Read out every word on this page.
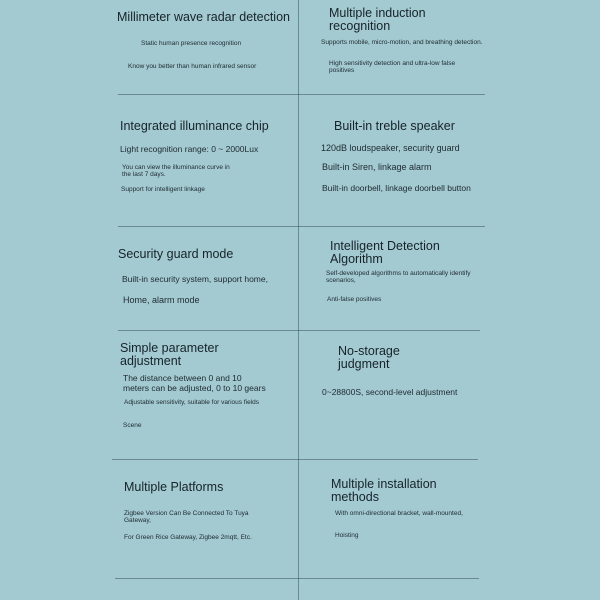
Millimeter wave radar detection
Static human presence recognition
Know you better than human infrared sensor
Multiple induction recognition
Supports mobile, micro-motion, and breathing detection.
High sensitivity detection and ultra-low false positives
Integrated illuminance chip
Light recognition range: 0 ~ 2000Lux
You can view the illuminance curve in the last 7 days.
Support for intelligent linkage
Built-in treble speaker
120dB loudspeaker, security guard
Built-in Siren, linkage alarm
Built-in doorbell, linkage doorbell button
Security guard mode
Built-in security system, support home,
Home, alarm mode
Intelligent Detection Algorithm
Self-developed algorithms to automatically identify scenarios,
Anti-false positives
Simple parameter adjustment
The distance between 0 and 10 meters can be adjusted, 0 to 10 gears
Adjustable sensitivity, suitable for various fields
Scene
No-storage judgment
0~28800S, second-level adjustment
Multiple Platforms
Zigbee Version Can Be Connected To Tuya Gateway,
For Green Rice Gateway, Zigbee 2mqtt, Etc.
Multiple installation methods
With omni-directional bracket, wall-mounted,
Hoisting
